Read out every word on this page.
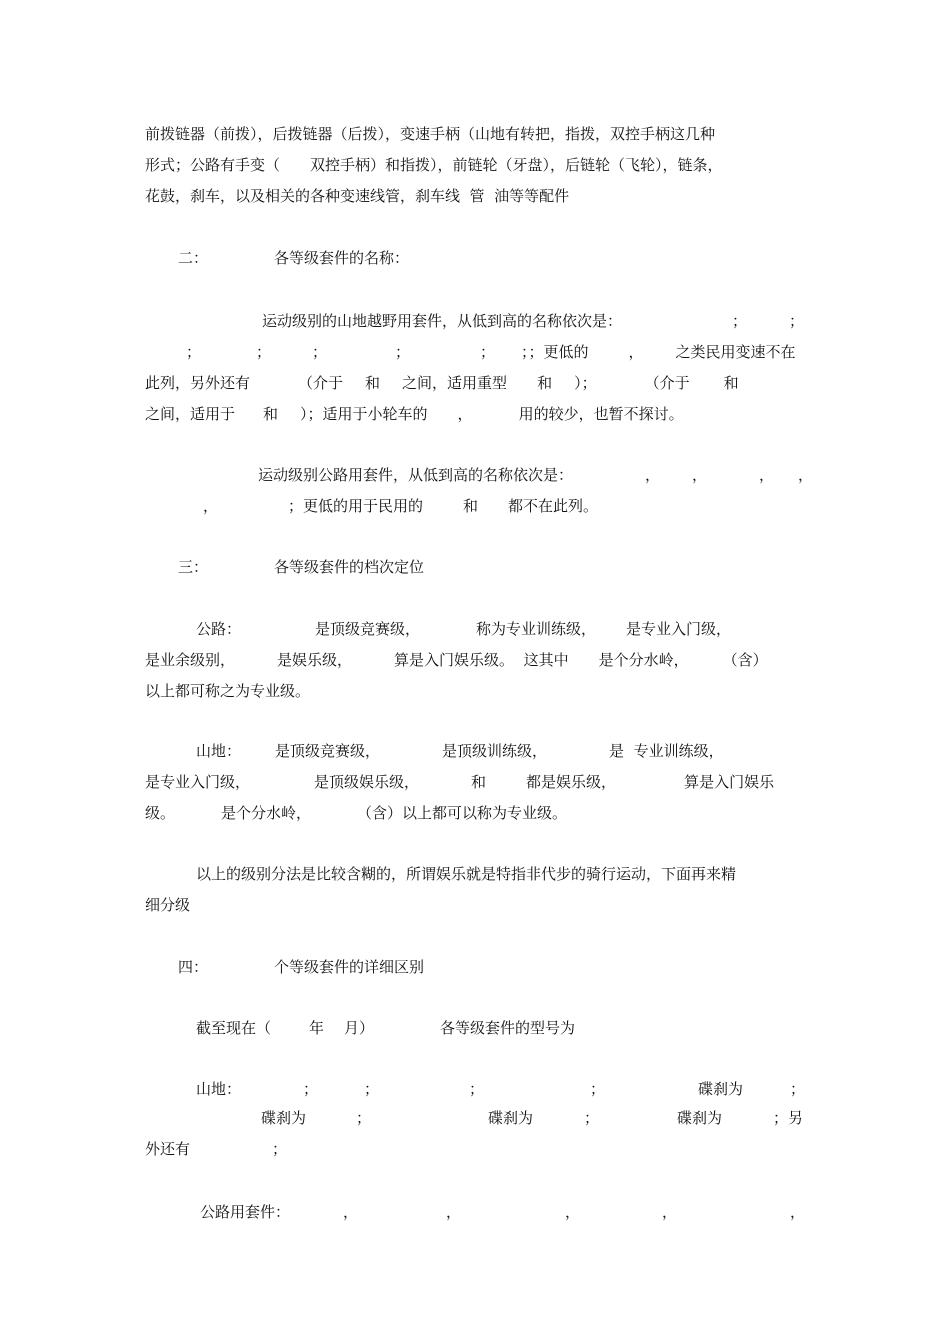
前拨链器（前拨），后拨链器（后拨），变速手柄（山地有转把，指拨，双控手柄这几种
形式；公路有手变（ 双控手柄）和指拨），前链轮（牙盘），后链轮（飞轮），链条，
花鼓，刹车，以及相关的各种变速线管，刹车线  管  油等等配件
二：	各等级套件的名称：
运动级别的山地越野用套件，从低到高的名称依次是：	；	；
；	；	；	；	； ；；更低的	， 之类民用变速不在
此列，另外还有	（介于 和 之间，适用重型 和 ）；	（介于 和
之间，适用于 和 ）；适用于小轮车的 ，	用的较少，也暂不探讨。
运动级别公路用套件，从低到高的名称依次是：	， ，	， ，
，	；更低的用于民用的	和 都不在此列。
三：	各等级套件的档次定位
公路：	是顶级竞赛级，	称为专业训练级， 是专业入门级，
是业余级别，	是娱乐级，	算是入门娱乐级。  这其中 是个分水岭， （含）
以上都可称之为专业级。
山地： 是顶级竞赛级，	是顶级训练级，	是  专业训练级，
是专业入门级，	是顶级娱乐级，	和	都是娱乐级，	算是入门娱乐
级。	是个分水岭，	（含）以上都可以称为专业级。
以上的级别分法是比较含糊的，所谓娱乐就是特指非代步的骑行运动，下面再来精
细分级
四：	个等级套件的详细区别
截至现在（	年 月）	各等级套件的型号为
山地：	；	；	；	；	碟刹为	；
碟刹为	；	碟刹为	；	碟刹为	；另
外还有	；
公路用套件：	，	，	，	，	，
